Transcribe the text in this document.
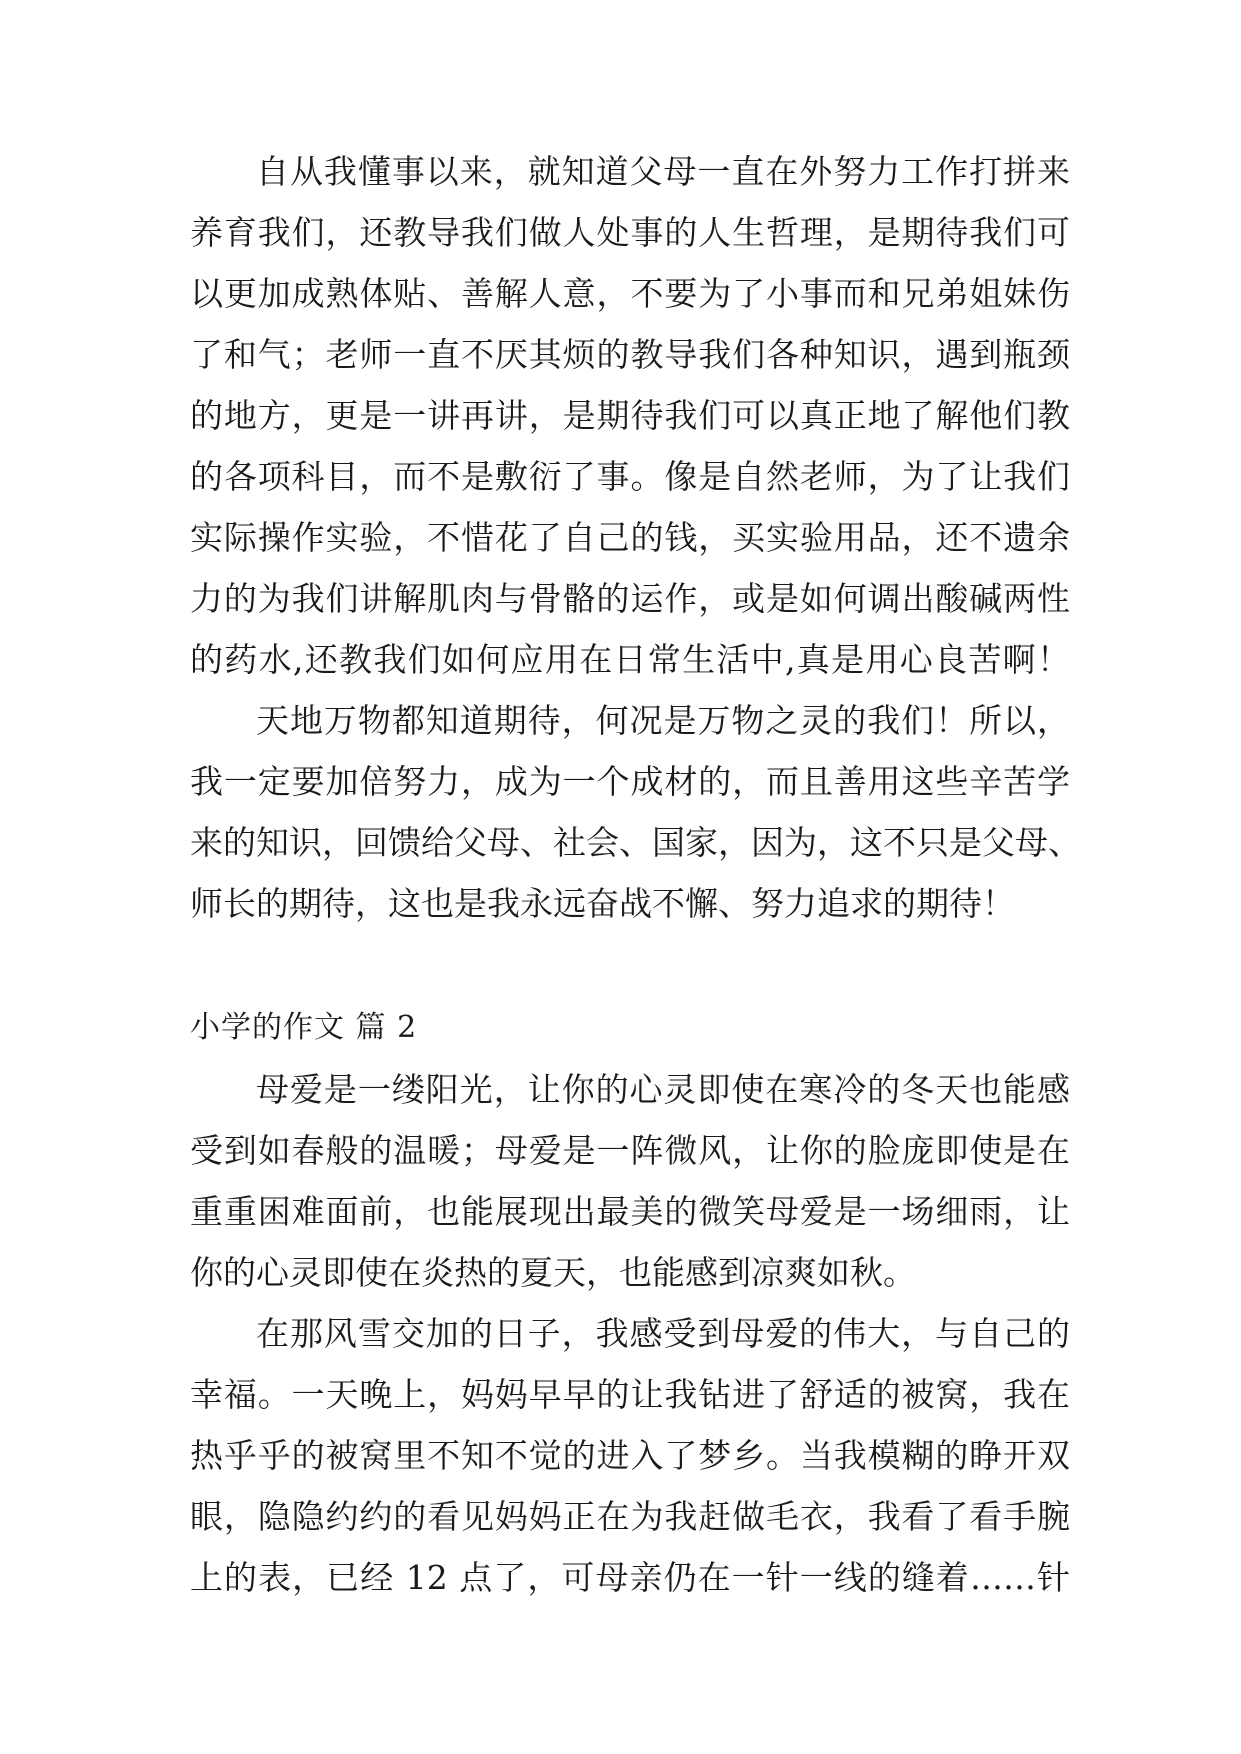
自从我懂事以来，就知道父母一直在外努力工作打拼来
养育我们，还教导我们做人处事的人生哲理，是期待我们可
以更加成熟体贴、善解人意，不要为了小事而和兄弟姐妹伤
了和气；老师一直不厌其烦的教导我们各种知识，遇到瓶颈
的地方，更是一讲再讲，是期待我们可以真正地了解他们教
的各项科目，而不是敷衍了事。像是自然老师，为了让我们
实际操作实验，不惜花了自己的钱，买实验用品，还不遗余
力的为我们讲解肌肉与骨骼的运作，或是如何调出酸碱两性
的药水,还教我们如何应用在日常生活中,真是用心良苦啊！
天地万物都知道期待，何况是万物之灵的我们！所以，
我一定要加倍努力，成为一个成材的，而且善用这些辛苦学
来的知识，回馈给父母、社会、国家，因为，这不只是父母、
师长的期待，这也是我永远奋战不懈、努力追求的期待！
小学的作文 篇 2
母爱是一缕阳光，让你的心灵即使在寒冷的冬天也能感
受到如春般的温暖；母爱是一阵微风，让你的脸庞即使是在
重重困难面前，也能展现出最美的微笑母爱是一场细雨，让
你的心灵即使在炎热的夏天，也能感到凉爽如秋。
在那风雪交加的日子，我感受到母爱的伟大，与自己的
幸福。一天晚上，妈妈早早的让我钻进了舒适的被窝，我在
热乎乎的被窝里不知不觉的进入了梦乡。当我模糊的睁开双
眼，隐隐约约的看见妈妈正在为我赶做毛衣，我看了看手腕
上的表，已经 12 点了，可母亲仍在一针一线的缝着……针
